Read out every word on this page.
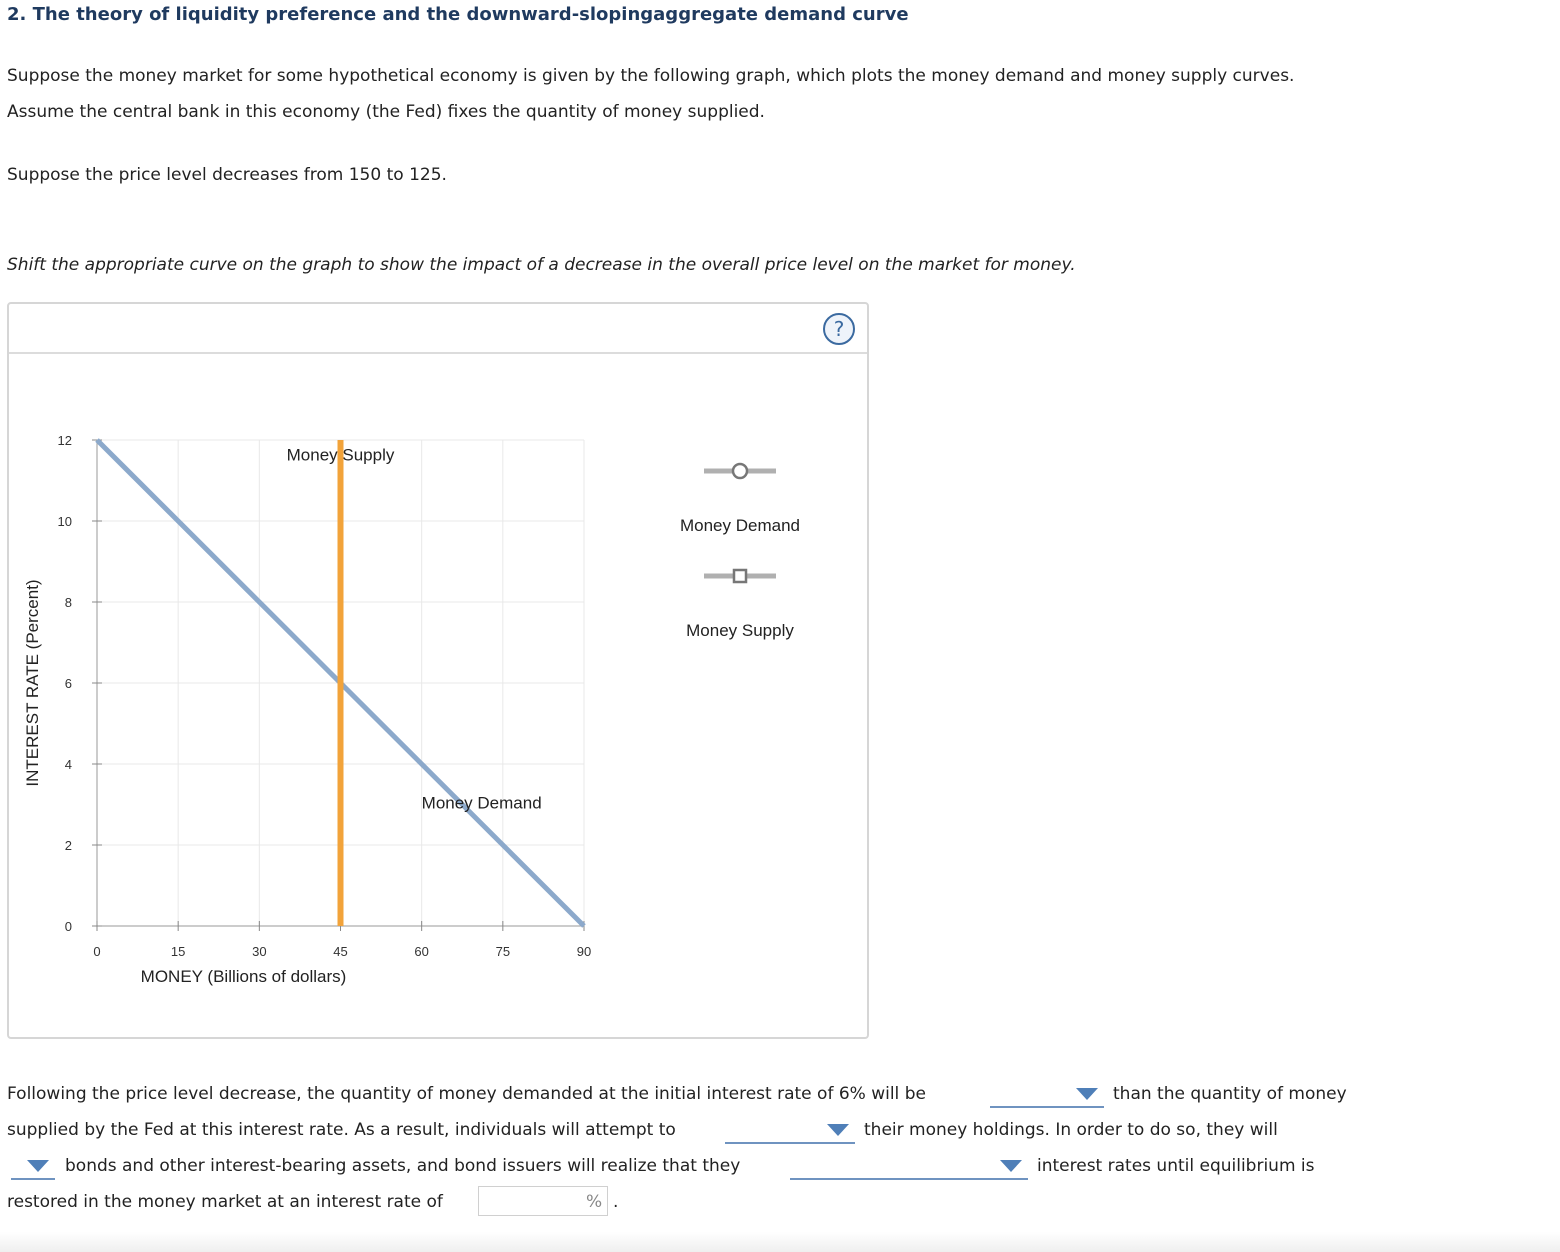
2. The theory of liquidity preference and the downward-slopingaggregate demand curve
Suppose the money market for some hypothetical economy is given by the following graph, which plots the money demand and money supply curves.
Assume the central bank in this economy (the Fed) fixes the quantity of money supplied.
Suppose the price level decreases from 150 to 125.
Shift the appropriate curve on the graph to show the impact of a decrease in the overall price level on the market for money.
?
0	15	30	45	60	75	90
0
2
4
6
8
10
12
MONEY (Billions of dollars)
INTEREST RATE (Percent)
Money Demand
Money Supply
Money Demand
Money Supply
Following the price level decrease, the quantity of money demanded at the initial interest rate of 6% will be	than the quantity of money
supplied by the Fed at this interest rate. As a result, individuals will attempt to	their money holdings. In order to do so, they will
bonds and other interest-bearing assets, and bond issuers will realize that they	interest rates until equilibrium is
restored in the money market at an interest rate of	% .
